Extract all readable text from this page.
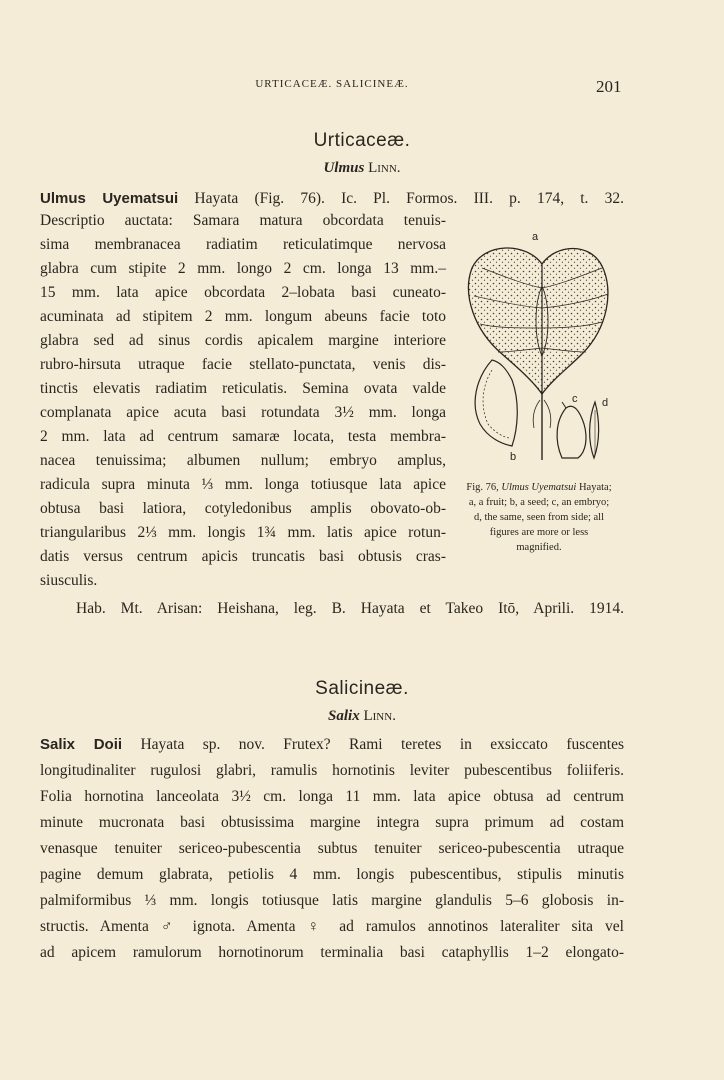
URTICACEÆ. SALICINEÆ.	201
Urticaceæ.
Ulmus Linn.
Ulmus Uyematsui Hayata (Fig. 76). Ic. Pl. Formos. III. p. 174, t. 32.
Descriptio auctata: Samara matura obcordata tenuis-
sima membranacea radiatim reticulatimque nervosa
glabra cum stipite 2 mm. longo 2 cm. longa 13 mm.–
15 mm. lata apice obcordata 2–lobata basi cuneato-
acuminata ad stipitem 2 mm. longum abeuns facie toto
glabra sed ad sinus cordis apicalem margine interiore
rubro-hirsuta utraque facie stellato-punctata, venis dis-
tinctis elevatis radiatim reticulatis. Semina ovata valde
complanata apice acuta basi rotundata 3½ mm. longa
2 mm. lata ad centrum samaræ locata, testa membra-
nacea tenuissima; albumen nullum; embryo amplus,
radicula supra minuta ⅓ mm. longa totiusque lata apice
obtusa basi latiora, cotyledonibus amplis obovato-ob-
triangularibus 2⅓ mm. longis 1¾ mm. latis apice rotun-
datis versus centrum apicis truncatis basi obtusis cras-
siusculis.
Hab. Mt. Arisan: Heishana, leg. B. Hayata et Takeo Itō, Aprili. 1914.
a
b
c d
Fig. 76, Ulmus Uyematsui Hayata; a, a fruit; b, a seed; c, an embryo; d, the same, seen from side; all figures are more or less magnified.
Salicineæ.
Salix Linn.
Salix Doii Hayata sp. nov. Frutex? Rami teretes in exsiccato fuscentes
longitudinaliter rugulosi glabri, ramulis hornotinis leviter pubescentibus foliiferis.
Folia hornotina lanceolata 3½ cm. longa 11 mm. lata apice obtusa ad centrum
minute mucronata basi obtusissima margine integra supra primum ad costam
venasque tenuiter sericeo-pubescentia subtus tenuiter sericeo-pubescentia utraque
pagine demum glabrata, petiolis 4 mm. longis pubescentibus, stipulis minutis
palmiformibus ⅓ mm. longis totiusque latis margine glandulis 5–6 globosis in-
structis. Amenta ♂ ignota. Amenta ♀ ad ramulos annotinos lateraliter sita vel
ad apicem ramulorum hornotinorum terminalia basi cataphyllis 1–2 elongato-
